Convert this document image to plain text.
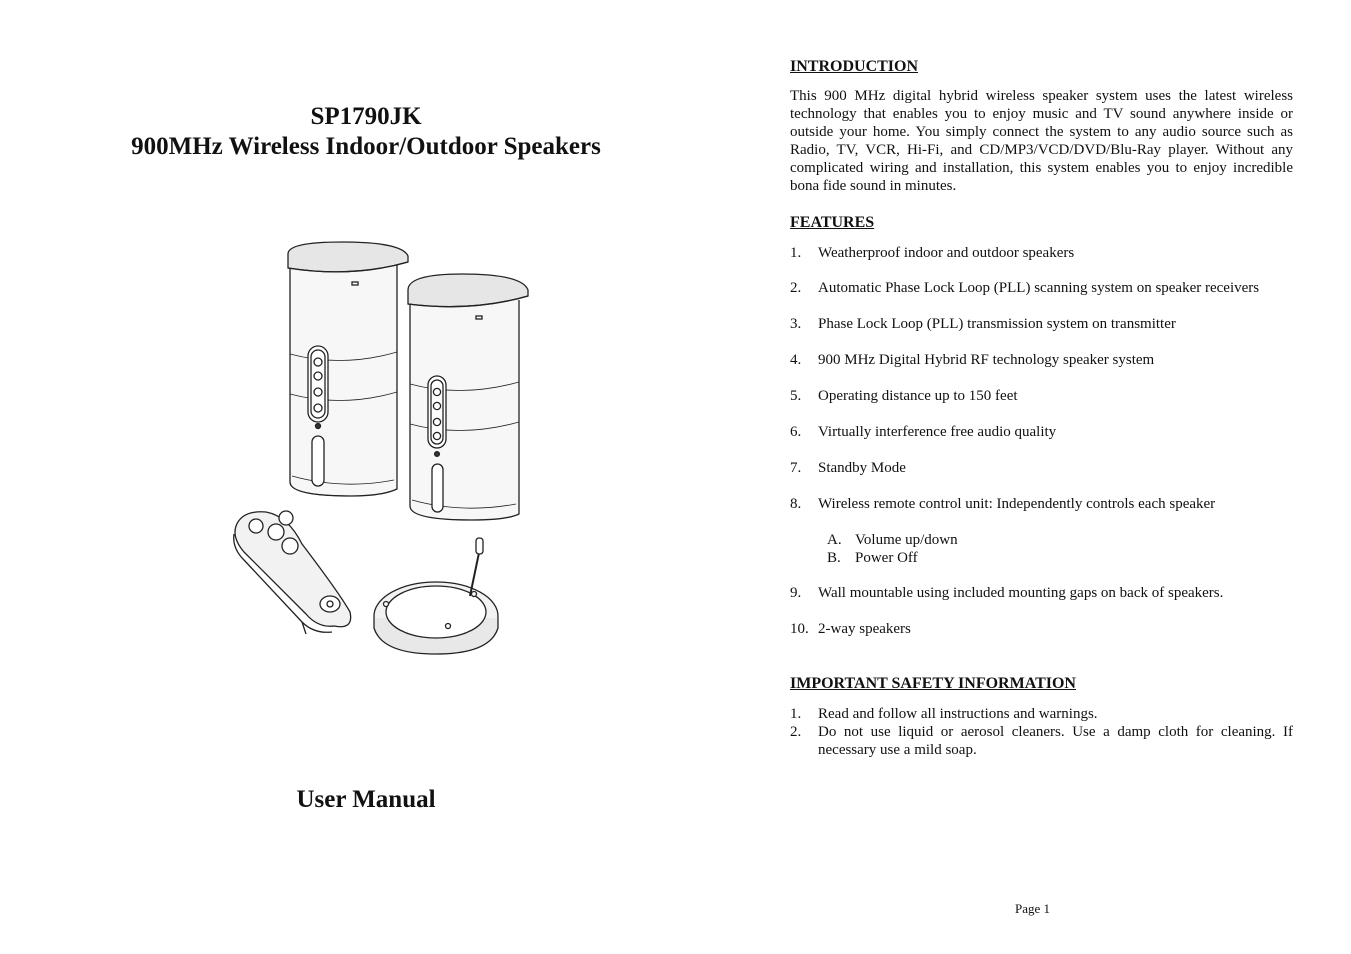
SP1790JK
900MHz Wireless Indoor/Outdoor Speakers
User Manual
INTRODUCTION

This 900 MHz digital hybrid wireless speaker system uses the latest wireless technology that enables you to enjoy music and TV sound anywhere inside or outside your home. You simply connect the system to any audio source such as Radio, TV, VCR, Hi-Fi, and CD/MP3/VCD/DVD/Blu-Ray player. Without any complicated wiring and installation, this system enables you to enjoy incredible bona fide sound in minutes.

FEATURES
1. Weatherproof indoor and outdoor speakers
2. Automatic Phase Lock Loop (PLL) scanning system on speaker receivers
3. Phase Lock Loop (PLL) transmission system on transmitter
4. 900 MHz Digital Hybrid RF technology speaker system
5. Operating distance up to 150 feet
6. Virtually interference free audio quality
7. Standby Mode
8. Wireless remote control unit: Independently controls each speaker
A. Volume up/down
B. Power Off
9. Wall mountable using included mounting gaps on back of speakers.
10. 2-way speakers
IMPORTANT SAFETY INFORMATION
1. Read and follow all instructions and warnings.
2. Do not use liquid or aerosol cleaners. Use a damp cloth for cleaning. If necessary use a mild soap.
Page 1
